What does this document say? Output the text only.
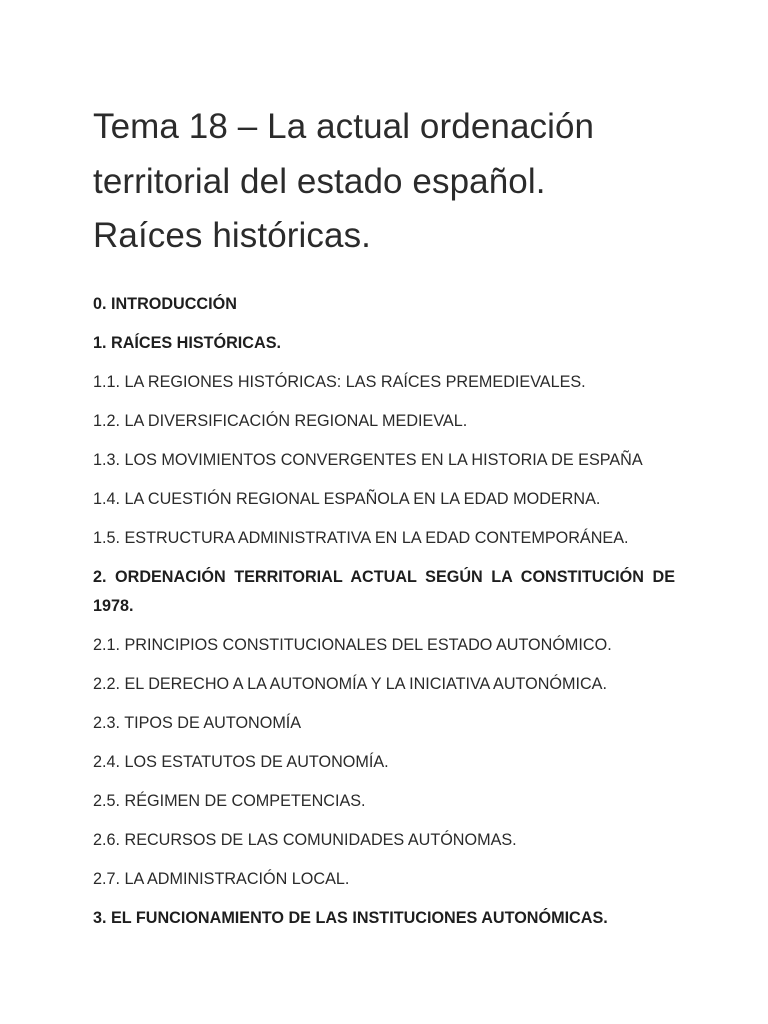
Tema 18 – La actual ordenación
territorial del estado español.
Raíces históricas.
0. INTRODUCCIÓN
1. RAÍCES HISTÓRICAS.
1.1. LA REGIONES HISTÓRICAS: LAS RAÍCES PREMEDIEVALES.
1.2. LA DIVERSIFICACIÓN REGIONAL MEDIEVAL.
1.3. LOS MOVIMIENTOS CONVERGENTES EN LA HISTORIA DE ESPAÑA
1.4. LA CUESTIÓN REGIONAL ESPAÑOLA EN LA EDAD MODERNA.
1.5. ESTRUCTURA ADMINISTRATIVA EN LA EDAD CONTEMPORÁNEA.
2. ORDENACIÓN TERRITORIAL ACTUAL SEGÚN LA CONSTITUCIÓN DE 1978.
2.1. PRINCIPIOS CONSTITUCIONALES DEL ESTADO AUTONÓMICO.
2.2. EL DERECHO A LA AUTONOMÍA Y LA INICIATIVA AUTONÓMICA.
2.3. TIPOS DE AUTONOMÍA
2.4. LOS ESTATUTOS DE AUTONOMÍA.
2.5. RÉGIMEN DE COMPETENCIAS.
2.6. RECURSOS DE LAS COMUNIDADES AUTÓNOMAS.
2.7. LA ADMINISTRACIÓN LOCAL.
3. EL FUNCIONAMIENTO DE LAS INSTITUCIONES AUTONÓMICAS.
